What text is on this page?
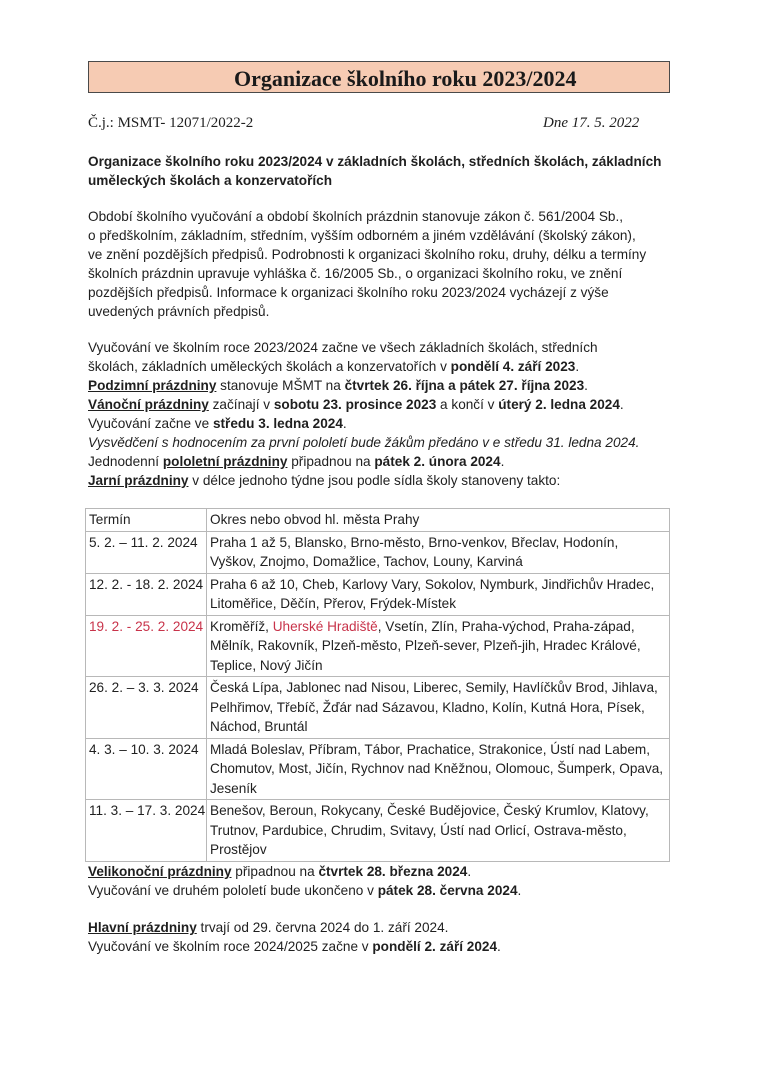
Organizace školního roku 2023/2024
Č.j.: MSMT- 12071/2022-2	Dne 17. 5. 2022
Organizace školního roku 2023/2024 v základních školách, středních školách, základních
uměleckých školách a konzervatořích
Období školního vyučování a období školních prázdnin stanovuje zákon č. 561/2004 Sb.,
o předškolním, základním, středním, vyšším odborném a jiném vzdělávání (školský zákon),
ve znění pozdějších předpisů. Podrobnosti k organizaci školního roku, druhy, délku a termíny
školních prázdnin upravuje vyhláška č. 16/2005 Sb., o organizaci školního roku, ve znění
pozdějších předpisů. Informace k organizaci školního roku 2023/2024 vycházejí z výše
uvedených právních předpisů.
Vyučování ve školním roce 2023/2024 začne ve všech základních školách, středních
školách, základních uměleckých školách a konzervatořích v pondělí 4. září 2023.
Podzimní prázdniny stanovuje MŠMT na čtvrtek 26. října a pátek 27. října 2023.
Vánoční prázdniny začínají v sobotu 23. prosince 2023 a končí v úterý 2. ledna 2024.
Vyučování začne ve středu 3. ledna 2024.
Vysvědčení s hodnocením za první pololetí bude žákům předáno v e středu 31. ledna 2024.
Jednodenní pololetní prázdniny připadnou na pátek 2. února 2024.
Jarní prázdniny v délce jednoho týdne jsou podle sídla školy stanoveny takto:
Termín	Okres nebo obvod hl. města Prahy
5. 2. – 11. 2. 2024	Praha 1 až 5, Blansko, Brno-město, Brno-venkov, Břeclav, Hodonín, Vyškov, Znojmo, Domažlice, Tachov, Louny, Karviná
12. 2. - 18. 2. 2024	Praha 6 až 10, Cheb, Karlovy Vary, Sokolov, Nymburk, Jindřichův Hradec, Litoměřice, Děčín, Přerov, Frýdek-Místek
19. 2. - 25. 2. 2024	Kroměříž, Uherské Hradiště, Vsetín, Zlín, Praha-východ, Praha-západ, Mělník, Rakovník, Plzeň-město, Plzeň-sever, Plzeň-jih, Hradec Králové, Teplice, Nový Jičín
26. 2. – 3. 3. 2024	Česká Lípa, Jablonec nad Nisou, Liberec, Semily, Havlíčkův Brod, Jihlava, Pelhřimov, Třebíč, Žďár nad Sázavou, Kladno, Kolín, Kutná Hora, Písek, Náchod, Bruntál
4. 3. – 10. 3. 2024	Mladá Boleslav, Příbram, Tábor, Prachatice, Strakonice, Ústí nad Labem, Chomutov, Most, Jičín, Rychnov nad Kněžnou, Olomouc, Šumperk, Opava, Jeseník
11. 3. – 17. 3. 2024	Benešov, Beroun, Rokycany, České Budějovice, Český Krumlov, Klatovy, Trutnov, Pardubice, Chrudim, Svitavy, Ústí nad Orlicí, Ostrava-město, Prostějov
Velikonoční prázdniny připadnou na čtvrtek 28. března 2024.
Vyučování ve druhém pololetí bude ukončeno v pátek 28. června 2024.
Hlavní prázdniny trvají od 29. června 2024 do 1. září 2024.
Vyučování ve školním roce 2024/2025 začne v pondělí 2. září 2024.
